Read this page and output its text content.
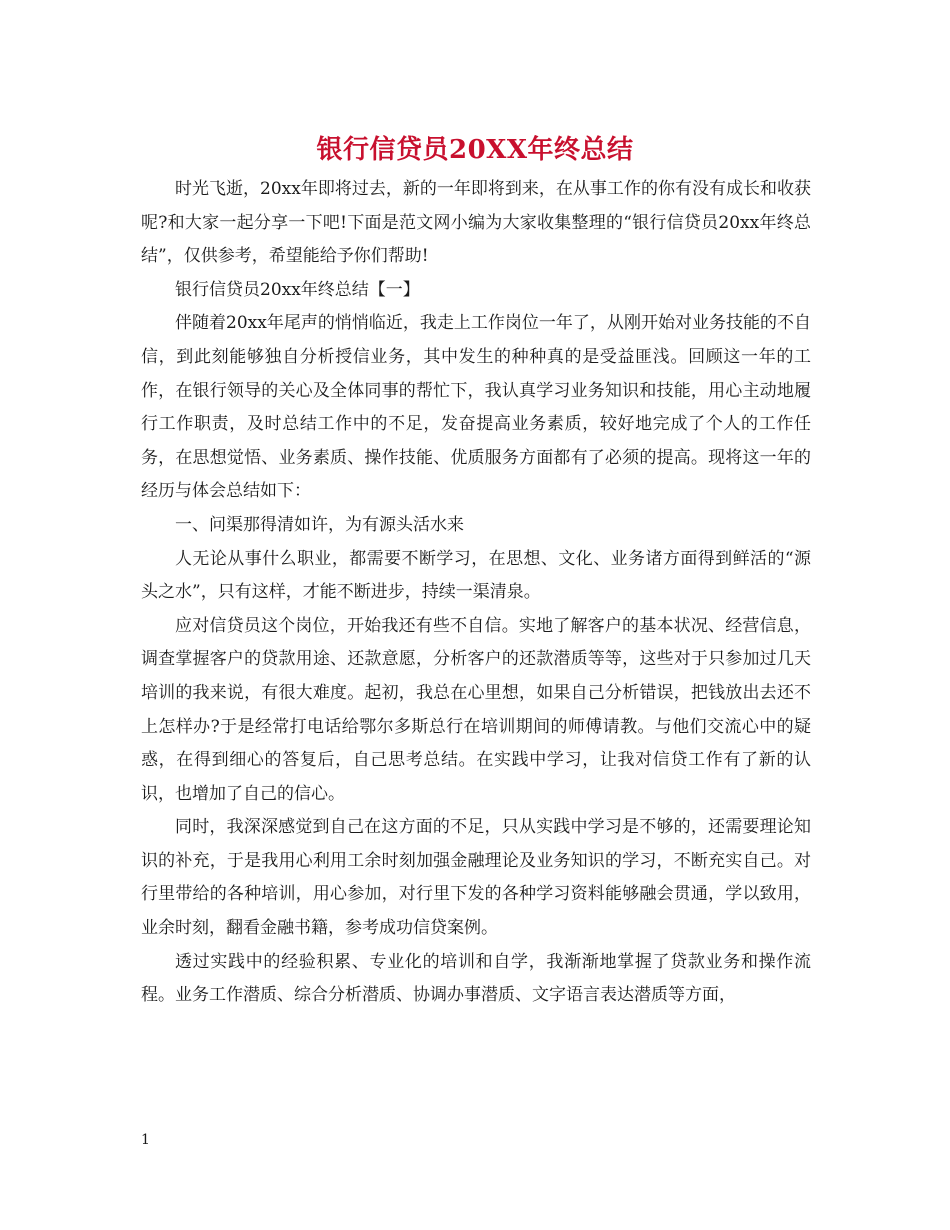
银行信贷员20XX年终总结

时光飞逝，20xx年即将过去，新的一年即将到来，在从事工作的你有没有成长和收获呢?和大家一起分享一下吧!下面是范文网小编为大家收集整理的“银行信贷员20xx年终总结”，仅供参考，希望能给予你们帮助!

银行信贷员20xx年终总结【一】

伴随着20xx年尾声的悄悄临近，我走上工作岗位一年了，从刚开始对业务技能的不自信，到此刻能够独自分析授信业务，其中发生的种种真的是受益匪浅。回顾这一年的工作，在银行领导的关心及全体同事的帮忙下，我认真学习业务知识和技能，用心主动地履行工作职责，及时总结工作中的不足，发奋提高业务素质，较好地完成了个人的工作任务，在思想觉悟、业务素质、操作技能、优质服务方面都有了必须的提高。现将这一年的经历与体会总结如下：

一、问渠那得清如许，为有源头活水来

人无论从事什么职业，都需要不断学习，在思想、文化、业务诸方面得到鲜活的“源头之水”，只有这样，才能不断进步，持续一渠清泉。

应对信贷员这个岗位，开始我还有些不自信。实地了解客户的基本状况、经营信息，调查掌握客户的贷款用途、还款意愿，分析客户的还款潜质等等，这些对于只参加过几天培训的我来说，有很大难度。起初，我总在心里想，如果自己分析错误，把钱放出去还不上怎样办?于是经常打电话给鄂尔多斯总行在培训期间的师傅请教。与他们交流心中的疑惑，在得到细心的答复后，自己思考总结。在实践中学习，让我对信贷工作有了新的认识，也增加了自己的信心。

同时，我深深感觉到自己在这方面的不足，只从实践中学习是不够的，还需要理论知识的补充，于是我用心利用工余时刻加强金融理论及业务知识的学习，不断充实自己。对行里带给的各种培训，用心参加，对行里下发的各种学习资料能够融会贯通，学以致用，业余时刻，翻看金融书籍，参考成功信贷案例。

透过实践中的经验积累、专业化的培训和自学，我渐渐地掌握了贷款业务和操作流程。业务工作潜质、综合分析潜质、协调办事潜质、文字语言表达潜质等方面，

1
